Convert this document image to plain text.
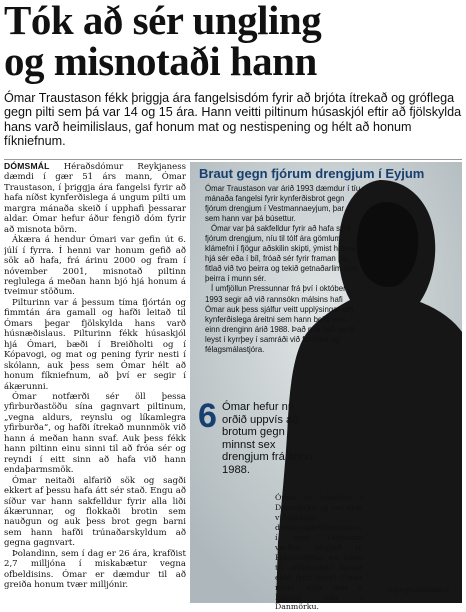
Tók að sér ungling
og misnotaði hann

Ómar Traustason fékk þriggja ára fangelsisdóm fyrir að brjóta ítrekað og gróflega gegn pilti sem þá var 14 og 15 ára. Hann veitti piltinum húsaskjól eftir að fjölskylda hans varð heimilislaus, gaf honum mat og nestispening og hélt að honum fíkniefnum.

DÓMSMÁL Héraðsdómur Reykjaness dæmdi í gær 51 árs mann, Ómar Traustason, í þriggja ára fangelsi fyrir að hafa níðst kynferðislega á ungum pilti um margra mánaða skeið í upphafi þessarar aldar. Ómar hefur áður fengið dóm fyrir að misnota börn.

Ákæra á hendur Ómari var gefin út 6. júlí í fyrra. Í henni var honum gefið að sök að hafa, frá árinu 2000 og fram í nóvember 2001, misnotað piltinn reglulega á meðan hann bjó hjá honum á tveimur stöðum.

Pilturinn var á þessum tíma fjórtán og fimmtán ára gamall og hafði leitað til Ómars þegar fjölskylda hans varð húsnæðislaus. Pilturinn fékk húsaskjól hjá Ómari, bæði í Breiðholti og í Kópavogi, og mat og pening fyrir nesti í skólann, auk þess sem Ómar hélt að honum fíkniefnum, að því er segir í ákærunni.

Ómar notfærði sér öll þessa yfirburðastöðu sína gagnvart piltinum, „vegna aldurs, reynslu og líkamlegra yfirburða“, og hafði ítrekað munnmök við hann á meðan hann svaf. Auk þess fékk hann piltinn einu sinni til að fróa sér og reyndi í eitt sinn að hafa við hann endaþarmsmök.

Ómar neitaði alfarið sök og sagði ekkert af þessu hafa átt sér stað. Engu að síður var hann sakfelldur fyrir alla liði ákærunnar, og flokkaði brotin sem nauðgun og auk þess brot gegn barni sem hann hafði trúnaðarskyldum að gegna gagnvart.

Þolandinn, sem í dag er 26 ára, krafðist 2,7 milljóna í miskabætur vegna ofbeldisins. Ómar er dæmdur til að greiða honum tvær milljónir.

Braut gegn fjórum drengjum í Eyjum

Ómar Traustason var árið 1993 dæmdur í tíu mánaða fangelsi fyrir kynferðisbrot gegn fjórum drengjum í Vestmannaeyjum, þar sem hann var þá búsettur.

Ómar var þá sakfelldur fyrir að hafa sýnt fjórum drengjum, níu til tólf ára gömlum, klámefni í fjögur aðskilin skipti, ýmist heima hjá sér eða í bíl, fróað sér fyrir framan þá, fitlað við tvo þeirra og tekið getnaðarlim eins þeirra í munn sér.

Í umfjöllun Pressunnar frá því í október 1993 segir að við rannsókn málsins hafi Ómar auk þess sjálfur veitt upplýsingar um kynferðislega áreitni sem hann beitti enn einn drenginn árið 1988. Það mál hafi verið leyst í kyrrþey í samráði við foreldra og félagsmálastjóra.

6 Ómar hefur nú orðið uppvís að brotum gegn minnst sex drengjum frá árinu 1988.

Ómar er búsettur í Danmörku og var ekki viðstaddur dómsuppkvaðninguna í gær. Dómnum verður áfrýjað til Hæstaréttar en komi til afplánunar liggur ekki fyrir hvort Ómar muni sitja inni á Íslandi eða í Danmörku.

stigur@frettabladid.is
